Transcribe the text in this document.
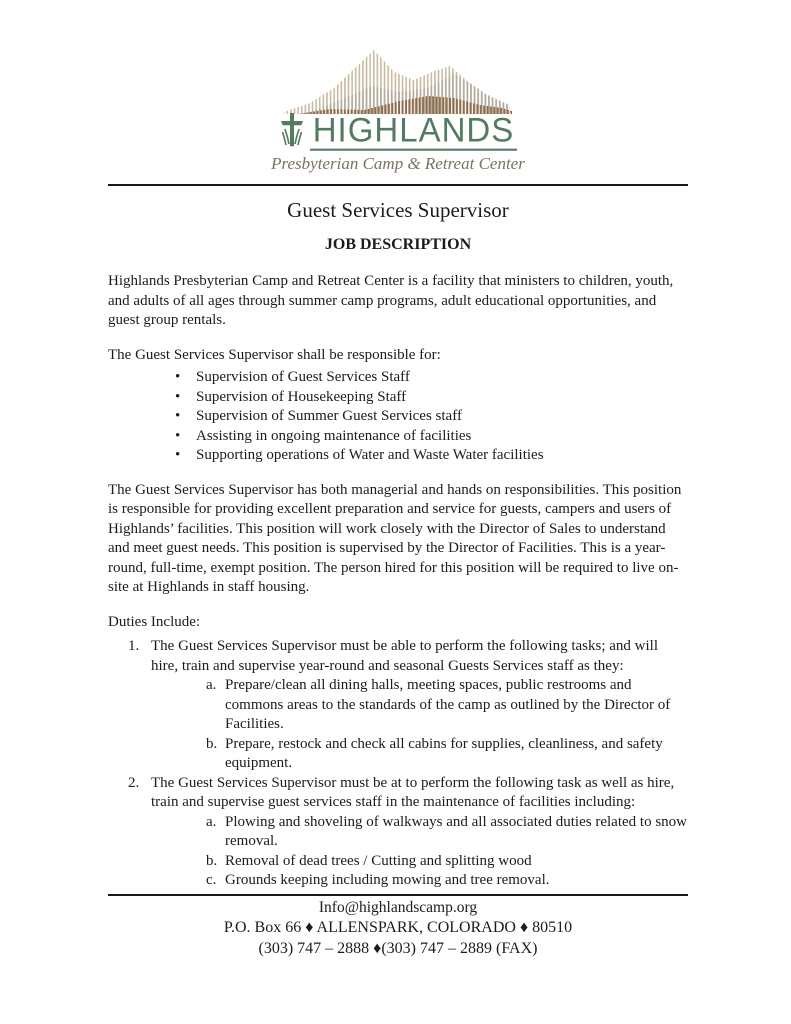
HIGHLANDS
Presbyterian Camp & Retreat Center
Guest Services Supervisor
JOB DESCRIPTION

Highlands Presbyterian Camp and Retreat Center is a facility that ministers to children, youth, and adults of all ages through summer camp programs, adult educational opportunities, and guest group rentals.

The Guest Services Supervisor shall be responsible for:

•
Supervision of Guest Services Staff
•
Supervision of Housekeeping Staff
•
Supervision of Summer Guest Services staff
•
Assisting in ongoing maintenance of facilities
•
Supporting operations of Water and Waste Water facilities

The Guest Services Supervisor has both managerial and hands on responsibilities. This position is responsible for providing excellent preparation and service for guests, campers and users of Highlands’ facilities. This position will work closely with the Director of Sales to understand and meet guest needs. This position is supervised by the Director of Facilities. This is a year-round, full-time, exempt position. The person hired for this position will be required to live on-site at Highlands in staff housing.

Duties Include:

1. The Guest Services Supervisor must be able to perform the following tasks; and will hire, train and supervise year-round and seasonal Guests Services staff as they:
a. Prepare/clean all dining halls, meeting spaces, public restrooms and commons areas to the standards of the camp as outlined by the Director of Facilities.
b. Prepare, restock and check all cabins for supplies, cleanliness, and safety equipment.
2. The Guest Services Supervisor must be at to perform the following task as well as hire, train and supervise guest services staff in the maintenance of facilities including:
a. Plowing and shoveling of walkways and all associated duties related to snow removal.
b. Removal of dead trees / Cutting and splitting wood
c. Grounds keeping including mowing and tree removal.
Info@highlandscamp.org
P.O. Box 66 ♦ ALLENSPARK, COLORADO ♦ 80510
(303) 747 – 2888 ♦(303) 747 – 2889 (FAX)
